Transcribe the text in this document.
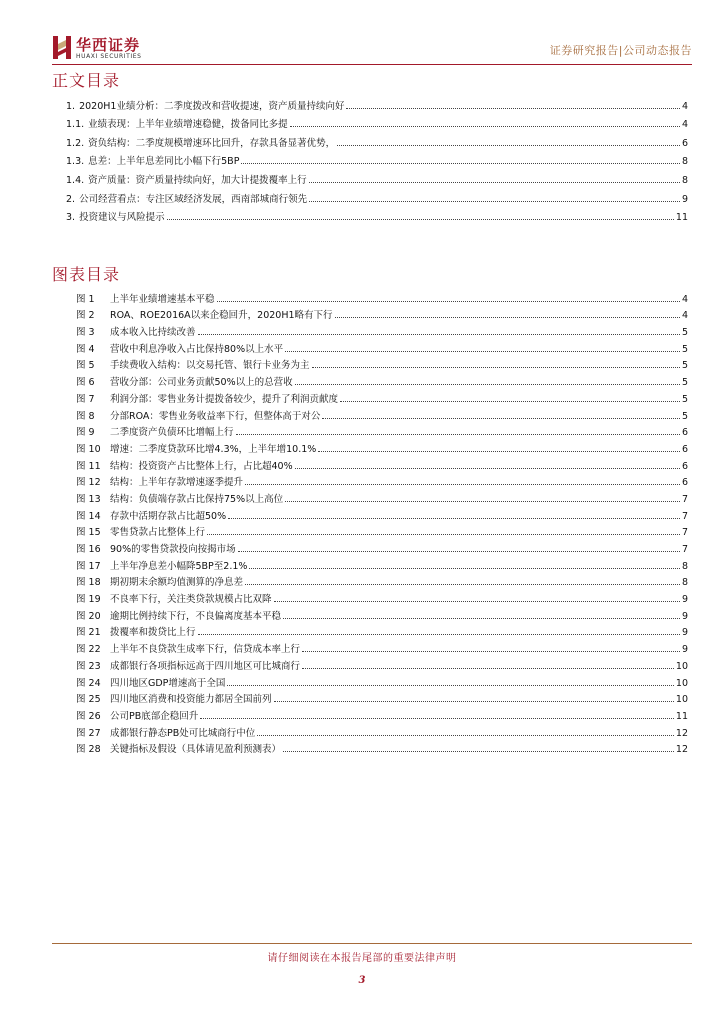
华西证券
HUAXI SECURITIES	证券研究报告|公司动态报告
正文目录
1. 2020H1业绩分析：二季度拨改和营收提速，资产质量持续向好	4
1.1. 业绩表现：上半年业绩增速稳健，拨备同比多提	4
1.2. 资负结构：二季度规模增速环比回升，存款具备显著优势，	6
1.3. 息差：上半年息差同比小幅下行5BP	8
1.4. 资产质量：资产质量持续向好，加大计提拨覆率上行	8
2. 公司经营看点：专注区域经济发展，西南部城商行领先	9
3. 投资建议与风险提示	11
图表目录
图 1	上半年业绩增速基本平稳	4
图 2	ROA、ROE2016A以来企稳回升，2020H1略有下行	4
图 3	成本收入比持续改善	5
图 4	营收中利息净收入占比保持80%以上水平	5
图 5	手续费收入结构：以交易托管、银行卡业务为主	5
图 6	营收分部：公司业务贡献50%以上的总营收	5
图 7	利润分部：零售业务计提拨备较少，提升了利润贡献度	5
图 8	分部ROA：零售业务收益率下行，但整体高于对公	5
图 9	二季度资产负债环比增幅上行	6
图 10 增速：二季度贷款环比增4.3%，上半年增10.1%	6
图 11 结构：投资资产占比整体上行，占比超40%	6
图 12 结构：上半年存款增速逐季提升	6
图 13 结构：负债端存款占比保持75%以上高位	7
图 14 存款中活期存款占比超50%	7
图 15 零售贷款占比整体上行	7
图 16 90%的零售贷款投向按揭市场	7
图 17 上半年净息差小幅降5BP至2.1%	8
图 18 期初期末余额均值测算的净息差	8
图 19 不良率下行，关注类贷款规模占比双降	9
图 20 逾期比例持续下行，不良偏离度基本平稳	9
图 21 拨覆率和拨贷比上行	9
图 22 上半年不良贷款生成率下行，信贷成本率上行	9
图 23 成都银行各项指标远高于四川地区可比城商行	10
图 24 四川地区GDP增速高于全国	10
图 25 四川地区消费和投资能力都居全国前列	10
图 26 公司PB底部企稳回升	11
图 27 成都银行静态PB处可比城商行中位	12
图 28 关键指标及假设（具体请见盈利预测表）	12
请仔细阅读在本报告尾部的重要法律声明
3
